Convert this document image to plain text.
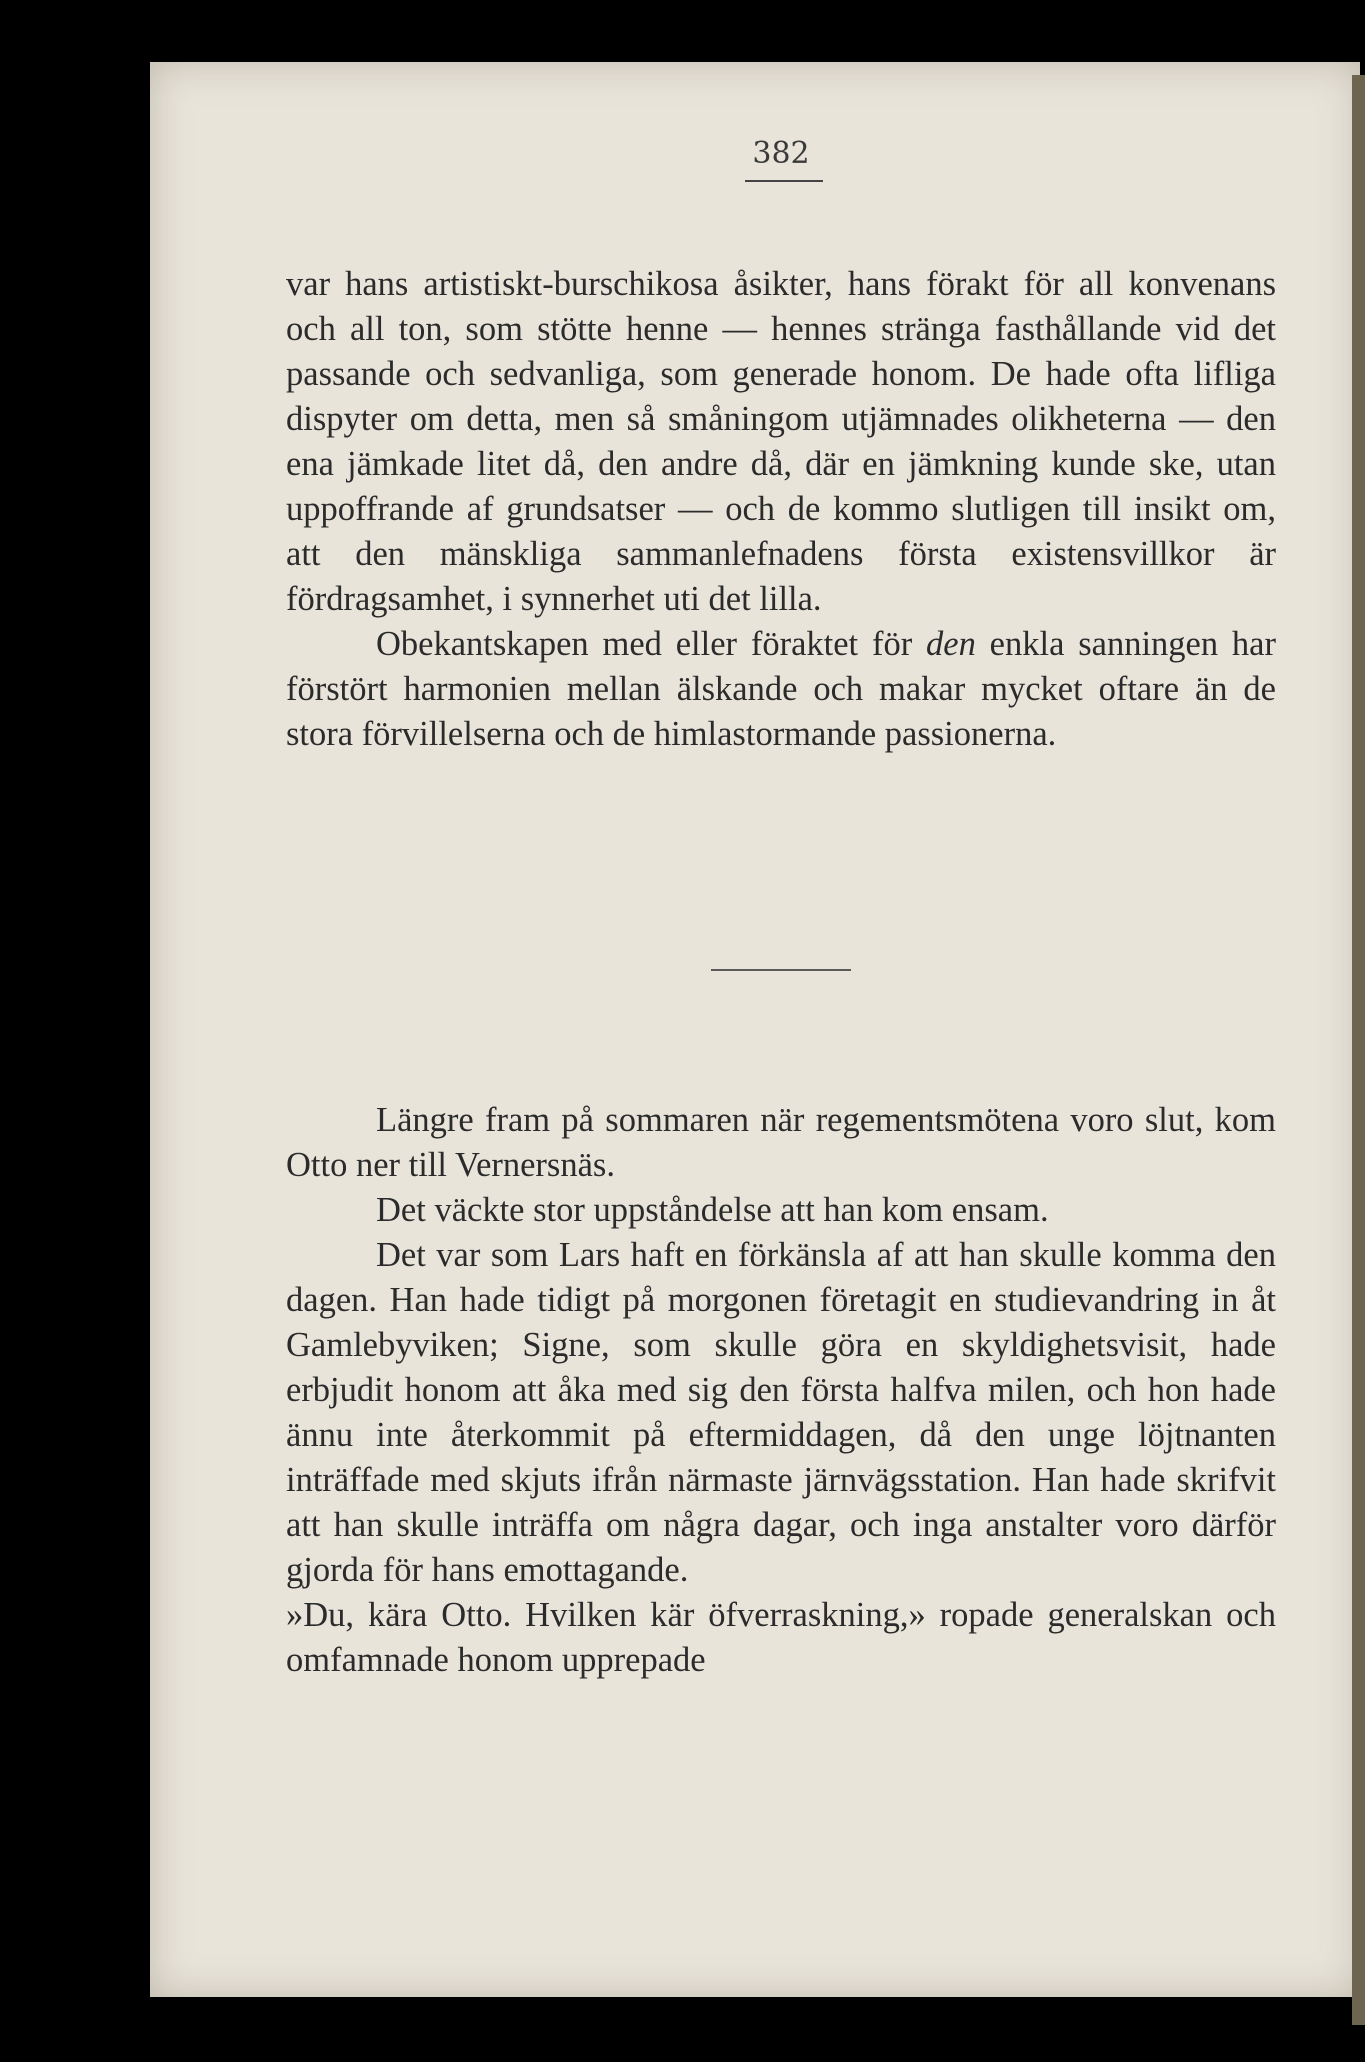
382

var hans artistiskt-burschikosa åsikter, hans förakt för all konvenans och all ton, som stötte henne — hennes stränga fasthållande vid det passande och sedvanliga, som generade honom. De hade ofta lifliga dispyter om detta, men så småningom utjämnades olikheterna — den ena jämkade litet då, den andre då, där en jämkning kunde ske, utan uppoffrande af grundsatser — och de kommo slutligen till insikt om, att den mänskliga sammanlefnadens första existensvillkor är fördragsamhet, i synnerhet uti det lilla.

Obekantskapen med eller föraktet för den enkla sanningen har förstört harmonien mellan älskande och makar mycket oftare än de stora förvillelserna och de himlastormande passionerna.

Längre fram på sommaren när regementsmötena voro slut, kom Otto ner till Vernersnäs.

Det väckte stor uppståndelse att han kom ensam.

Det var som Lars haft en förkänsla af att han skulle komma den dagen. Han hade tidigt på morgonen företagit en studievandring in åt Gamlebyviken; Signe, som skulle göra en skyldighetsvisit, hade erbjudit honom att åka med sig den första halfva milen, och hon hade ännu inte återkommit på eftermiddagen, då den unge löjtnanten inträffade med skjuts ifrån närmaste järnvägsstation. Han hade skrifvit att han skulle inträffa om några dagar, och inga anstalter voro därför gjorda för hans emottagande.

»Du, kära Otto. Hvilken kär öfverraskning,» ropade generalskan och omfamnade honom upprepade
